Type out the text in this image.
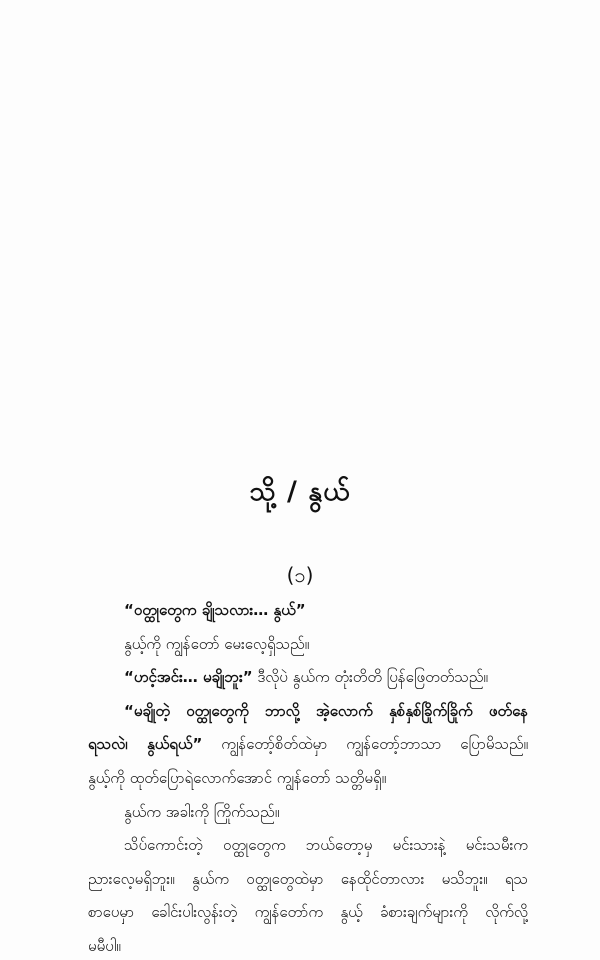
သို့ / နွယ်
(၁)
“ဝတ္ထုတွေက ချိုသလား… နွယ်”
နွယ့်ကို ကျွန်တော် မေးလေ့ရှိသည်။
“ဟင့်အင်း… မချိုဘူး” ဒီလိုပဲ နွယ်က တုံးတိတိ ပြန်ဖြေတတ်သည်။
“မချိုတဲ့ ဝတ္ထုတွေကို ဘာလို့ အဲ့လောက် နှစ်နှစ်ခြိုက်ခြိုက် ဖတ်နေ
ရသလဲ၊ နွယ်ရယ်” ကျွန်တော့်စိတ်ထဲမှာ ကျွန်တော့်ဘာသာ ပြောမိသည်။
နွယ့်ကို ထုတ်ပြောရဲလောက်အောင် ကျွန်တော် သတ္တိမရှိ။
နွယ်က အခါးကို ကြိုက်သည်။
သိပ်ကောင်းတဲ့ ဝတ္ထုတွေက ဘယ်တော့မှ မင်းသားနဲ့ မင်းသမီးက
ညားလေ့မရှိဘူး။ နွယ်က ဝတ္ထုတွေထဲမှာ နေထိုင်တာလား မသိဘူး။ ရသ
စာပေမှာ ခေါင်းပါးလွန်းတဲ့ ကျွန်တော်က နွယ့် ခံစားချက်များကို လိုက်လို့
မမီပါ။
